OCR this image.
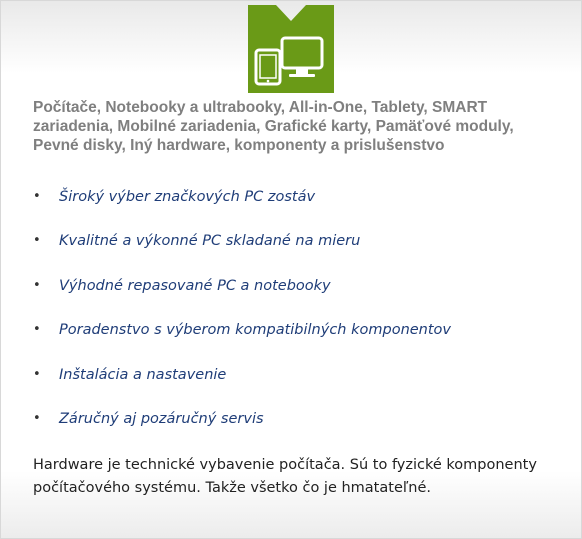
Počítače, Notebooky a ultrabooky, All-in-One, Tablety, SMART zariadenia, Mobilné zariadenia, Grafické karty, Pamäťové moduly, Pevné disky, Iný hardware, komponenty a prislušenstvo

• Široký výber značkových PC zostáv
• Kvalitné a výkonné PC skladané na mieru
• Výhodné repasované PC a notebooky
• Poradenstvo s výberom kompatibilných komponentov
• Inštalácia a nastavenie
• Záručný aj pozáručný servis

Hardware je technické vybavenie počítača. Sú to fyzické komponenty počítačového systému. Takže všetko čo je hmatateľné.
